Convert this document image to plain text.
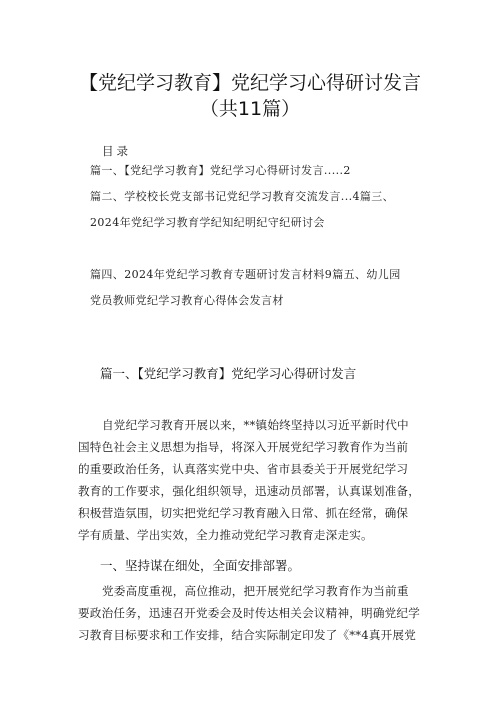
【党纪学习教育】党纪学习心得研讨发言
（共11篇）
目录
篇一、【党纪学习教育】党纪学习心得研讨发言.....2
篇二、学校校长党支部书记党纪学习教育交流发言...4篇三、
2024年党纪学习教育学纪知纪明纪守纪研讨会
篇四、2024年党纪学习教育专题研讨发言材料9篇五、幼儿园
党员教师党纪学习教育心得体会发言材
篇一、【党纪学习教育】党纪学习心得研讨发言
自党纪学习教育开展以来，**镇始终坚持以习近平新时代中
国特色社会主义思想为指导，将深入开展党纪学习教育作为当前
的重要政治任务，认真落实党中央、省市县委关于开展党纪学习
教育的工作要求，强化组织领导，迅速动员部署，认真谋划准备，
积极营造氛围，切实把党纪学习教育融入日常、抓在经常，确保
学有质量、学出实效，全力推动党纪学习教育走深走实。
一、坚持谋在细处，全面安排部署。
党委高度重视，高位推动，把开展党纪学习教育作为当前重
要政治任务，迅速召开党委会及时传达相关会议精神，明确党纪学
习教育目标要求和工作安排，结合实际制定印发了《**4真开展党
